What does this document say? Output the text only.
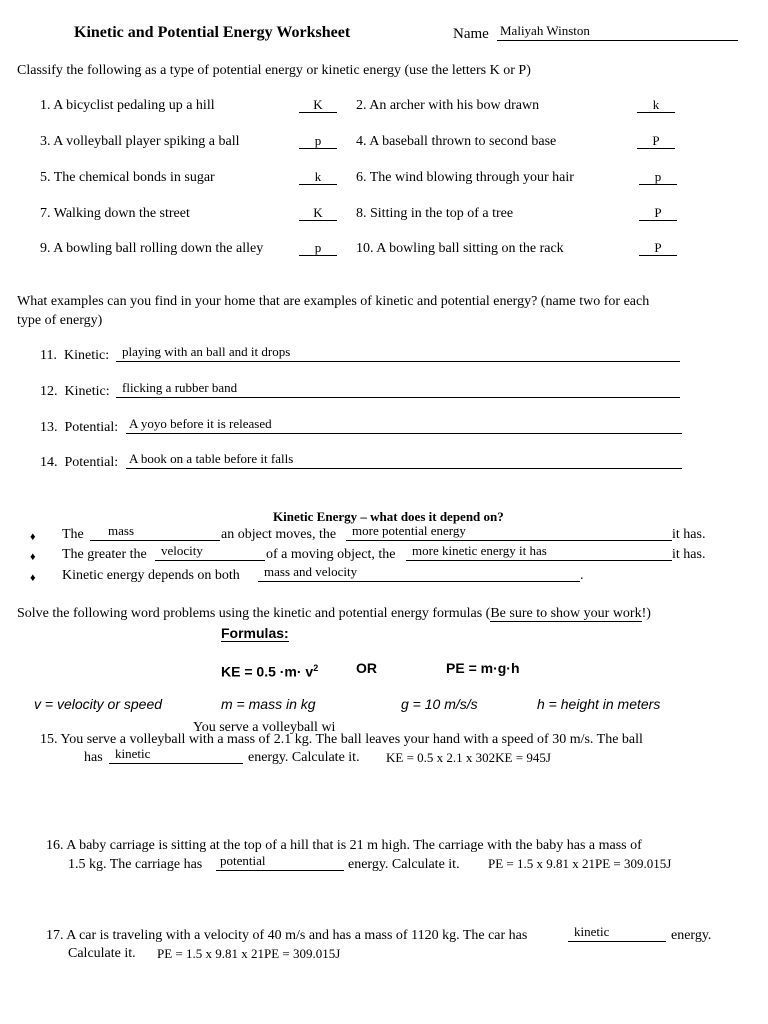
Kinetic and Potential Energy Worksheet	Name Maliyah Winston
Classify the following as a type of potential energy or kinetic energy (use the letters K or P)
1. A bicyclist pedaling up a hill	K	2. An archer with his bow drawn	k
3. A volleyball player spiking a ball	p	4. A baseball thrown to second base	P
5. The chemical bonds in sugar	k	6. The wind blowing through your hair	p
7. Walking down the street	K	8. Sitting in the top of a tree	P
9. A bowling ball rolling down the alley	p	10. A bowling ball sitting on the rack	P
What examples can you find in your home that are examples of kinetic and potential energy? (name two for each
type of energy)
11. Kinetic: playing with an ball and it drops
12. Kinetic: flicking a rubber band
13. Potential: A yoyo before it is released
14. Potential: A book on a table before it falls
Kinetic Energy – what does it depend on?
♦ The mass	an object moves, the more potential energy	it has.
♦ The greater the velocity	of a moving object, the more kinetic energy it has	it has.
♦ Kinetic energy depends on both mass and velocity	.
Solve the following word problems using the kinetic and potential energy formulas (Be sure to show your work!)
Formulas:
KE = $0.5 \cdot m\cdot v^2$	OR	PE = m·g·h
v = velocity or speed	m = mass in kg	g = 10 m/s/s	h = height in meters
You serve a volleyball wi
15. You serve a volleyball with a mass of 2.1 kg. The ball leaves your hand with a speed of 30 m/s. The ball
has kinetic	energy. Calculate it. KE = 0.5 x 2.1 x 302KE = 945J
16. A baby carriage is sitting at the top of a hill that is 21 m high. The carriage with the baby has a mass of
1.5 kg. The carriage has potential	energy. Calculate it. PE = 1.5 x 9.81 x 21PE = 309.015J
17. A car is traveling with a velocity of 40 m/s and has a mass of 1120 kg. The car has	kinetic	energy.
Calculate it. PE = 1.5 x 9.81 x 21PE = 309.015J
